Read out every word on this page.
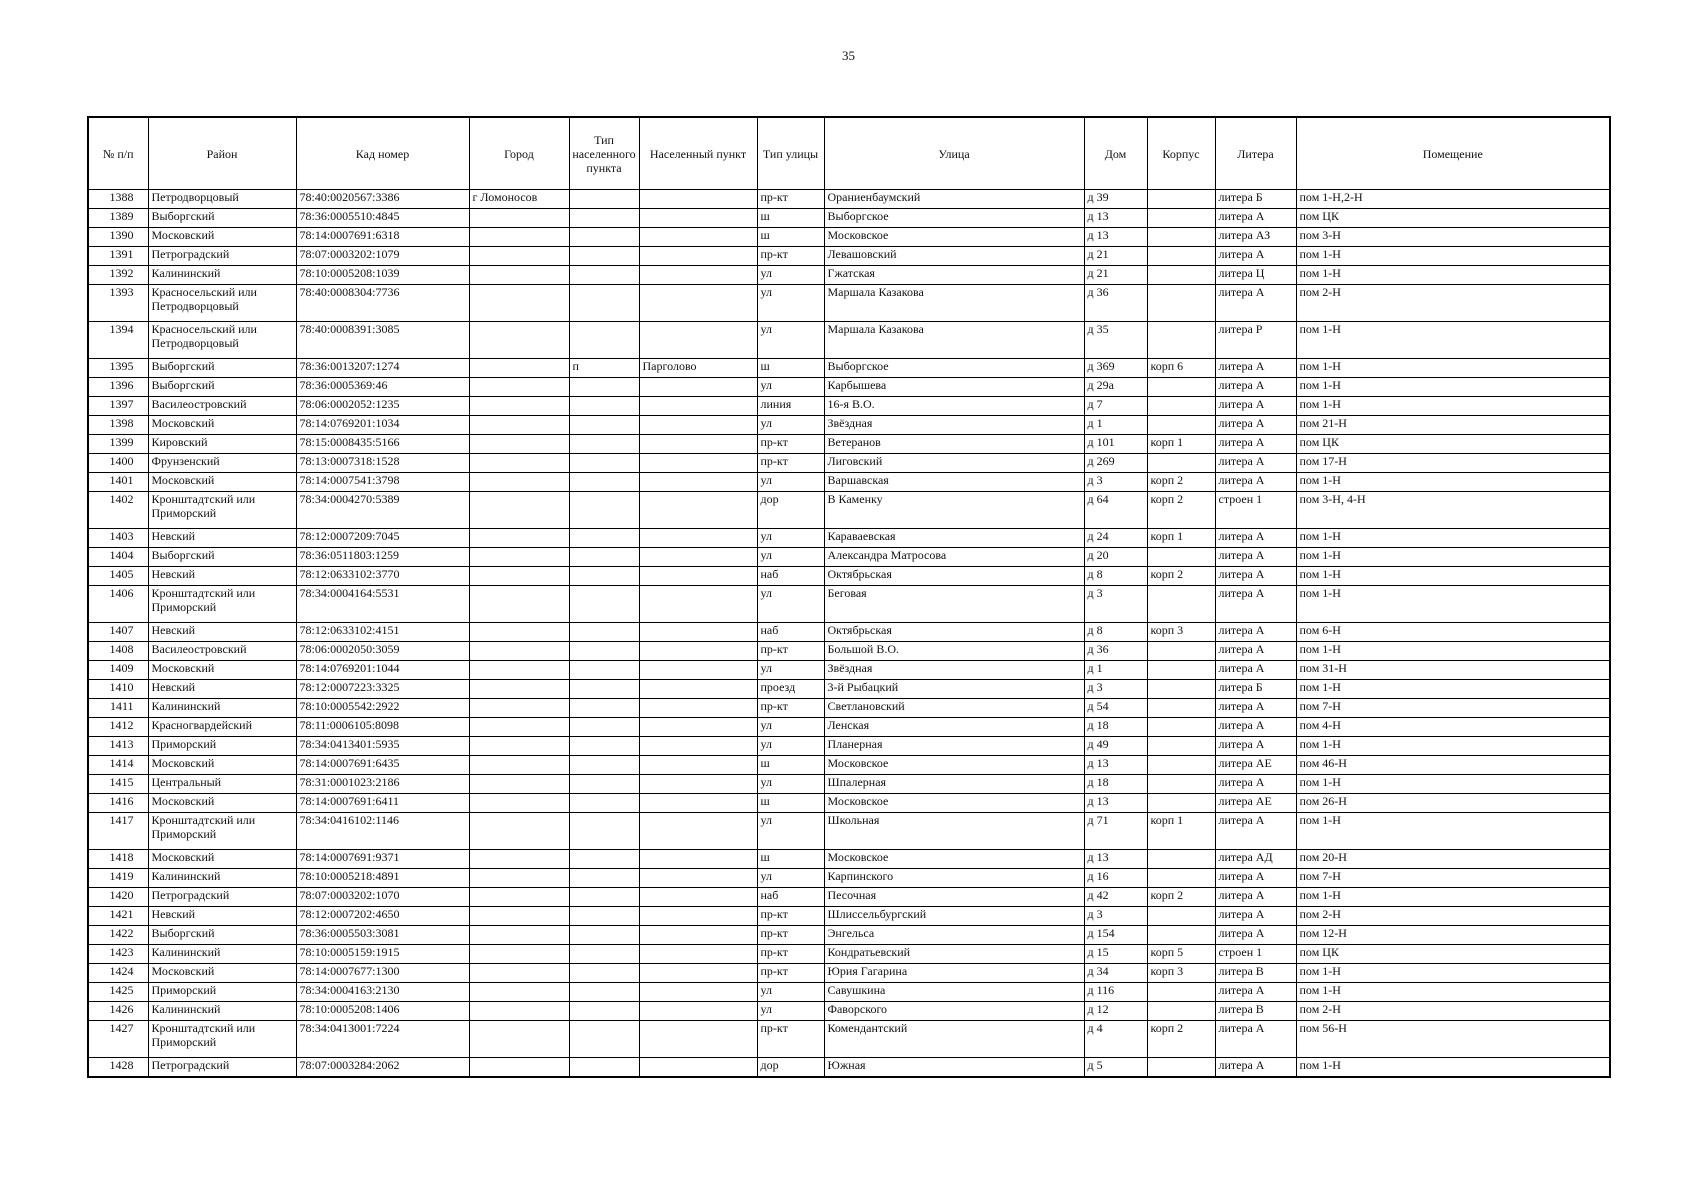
35
№ п/п	Район	Кад номер	Город	Тип населенного пункта	Населенный пункт	Тип улицы	Улица	Дом	Корпус	Литера	Помещение
1388	Петродворцовый	78:40:0020567:3386	г Ломоносов			пр-кт	Ораниенбаумский	д 39		литера Б	пом 1-Н,2-Н
1389	Выборгский	78:36:0005510:4845				ш	Выборгское	д 13		литера А	пом ЦК
1390	Московский	78:14:0007691:6318				ш	Московское	д 13		литера АЗ	пом 3-Н
1391	Петроградский	78:07:0003202:1079				пр-кт	Левашовский	д 21		литера А	пом 1-Н
1392	Калининский	78:10:0005208:1039				ул	Гжатская	д 21		литера Ц	пом 1-Н
1393	Красносельский или Петродворцовый	78:40:0008304:7736				ул	Маршала Казакова	д 36		литера А	пом 2-Н
1394	Красносельский или Петродворцовый	78:40:0008391:3085				ул	Маршала Казакова	д 35		литера Р	пом 1-Н
1395	Выборгский	78:36:0013207:1274		п	Парголово	ш	Выборгское	д 369	корп 6	литера А	пом 1-Н
1396	Выборгский	78:36:0005369:46				ул	Карбышева	д 29а		литера А	пом 1-Н
1397	Василеостровский	78:06:0002052:1235				линия	16-я В.О.	д 7		литера А	пом 1-Н
1398	Московский	78:14:0769201:1034				ул	Звёздная	д 1		литера А	пом 21-Н
1399	Кировский	78:15:0008435:5166				пр-кт	Ветеранов	д 101	корп 1	литера А	пом ЦК
1400	Фрунзенский	78:13:0007318:1528				пр-кт	Лиговский	д 269		литера А	пом 17-Н
1401	Московский	78:14:0007541:3798				ул	Варшавская	д 3	корп 2	литера А	пом 1-Н
1402	Кронштадтский или Приморский	78:34:0004270:5389				дор	В Каменку	д 64	корп 2	строен 1	пом 3-Н, 4-Н
1403	Невский	78:12:0007209:7045				ул	Караваевская	д 24	корп 1	литера А	пом 1-Н
1404	Выборгский	78:36:0511803:1259				ул	Александра Матросова	д 20		литера А	пом 1-Н
1405	Невский	78:12:0633102:3770				наб	Октябрьская	д 8	корп 2	литера А	пом 1-Н
1406	Кронштадтский или Приморский	78:34:0004164:5531				ул	Беговая	д 3		литера А	пом 1-Н
1407	Невский	78:12:0633102:4151				наб	Октябрьская	д 8	корп 3	литера А	пом 6-Н
1408	Василеостровский	78:06:0002050:3059				пр-кт	Большой В.О.	д 36		литера А	пом 1-Н
1409	Московский	78:14:0769201:1044				ул	Звёздная	д 1		литера А	пом 31-Н
1410	Невский	78:12:0007223:3325				проезд	3-й Рыбацкий	д 3		литера Б	пом 1-Н
1411	Калининский	78:10:0005542:2922				пр-кт	Светлановский	д 54		литера А	пом 7-Н
1412	Красногвардейский	78:11:0006105:8098				ул	Ленская	д 18		литера А	пом 4-Н
1413	Приморский	78:34:0413401:5935				ул	Планерная	д 49		литера А	пом 1-Н
1414	Московский	78:14:0007691:6435				ш	Московское	д 13		литера АЕ	пом 46-Н
1415	Центральный	78:31:0001023:2186				ул	Шпалерная	д 18		литера А	пом 1-Н
1416	Московский	78:14:0007691:6411				ш	Московское	д 13		литера АЕ	пом 26-Н
1417	Кронштадтский или Приморский	78:34:0416102:1146				ул	Школьная	д 71	корп 1	литера А	пом 1-Н
1418	Московский	78:14:0007691:9371				ш	Московское	д 13		литера АД	пом 20-Н
1419	Калининский	78:10:0005218:4891				ул	Карпинского	д 16		литера А	пом 7-Н
1420	Петроградский	78:07:0003202:1070				наб	Песочная	д 42	корп 2	литера А	пом 1-Н
1421	Невский	78:12:0007202:4650				пр-кт	Шлиссельбургский	д 3		литера А	пом 2-Н
1422	Выборгский	78:36:0005503:3081				пр-кт	Энгельса	д 154		литера А	пом 12-Н
1423	Калининский	78:10:0005159:1915				пр-кт	Кондратьевский	д 15	корп 5	строен 1	пом ЦК
1424	Московский	78:14:0007677:1300				пр-кт	Юрия Гагарина	д 34	корп 3	литера В	пом 1-Н
1425	Приморский	78:34:0004163:2130				ул	Савушкина	д 116		литера А	пом 1-Н
1426	Калининский	78:10:0005208:1406				ул	Фаворского	д 12		литера В	пом 2-Н
1427	Кронштадтский или Приморский	78:34:0413001:7224				пр-кт	Комендантский	д 4	корп 2	литера А	пом 56-Н
1428	Петроградский	78:07:0003284:2062				дор	Южная	д 5		литера А	пом 1-Н
